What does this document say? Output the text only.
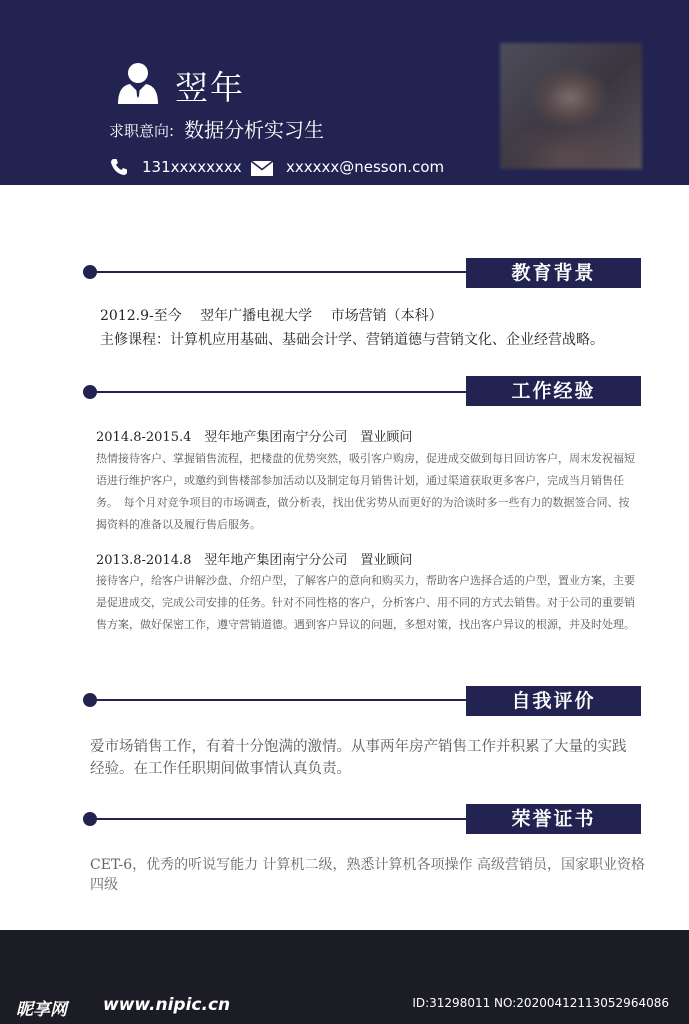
翌年
求职意向: 数据分析实习生
131xxxxxxxx	xxxxxx@nesson.com
教育背景
2012.9-至今　 翌年广播电视大学　 市场营销（本科）
主修课程：计算机应用基础、基础会计学、营销道德与营销文化、企业经营战略。
工作经验
2014.8-2015.4　翌年地产集团南宁分公司　置业顾问
热情接待客户、掌握销售流程，把楼盘的优势突然，吸引客户购房，促进成交做到每日回访客户，周末发祝福短语进行维护客户，或邀约到售楼部参加活动以及制定每月销售计划，通过渠道获取更多客户，完成当月销售任务。　每个月对竞争项目的市场调查，做分析表，找出优劣势从而更好的为洽谈时多一些有力的数据签合同、按揭资料的准备以及履行售后服务。
2013.8-2014.8　翌年地产集团南宁分公司　置业顾问
接待客户，给客户讲解沙盘、介绍户型，了解客户的意向和购买力，帮助客户选择合适的户型，置业方案，主要是促进成交，完成公司安排的任务。针对不同性格的客户，分析客户、用不同的方式去销售。对于公司的重要销售方案，做好保密工作，遵守营销道德。遇到客户异议的问题，多想对策，找出客户异议的根源，并及时处理。
自我评价
爱市场销售工作，有着十分饱满的激情。从事两年房产销售工作并积累了大量的实践经验。在工作任职期间做事情认真负责。
荣誉证书
CET-6，优秀的听说写能力 计算机二级，熟悉计算机各项操作 高级营销员，国家职业资格四级
昵享网 www.nipic.cn	ID:31298011 NO:20200412113052964086
